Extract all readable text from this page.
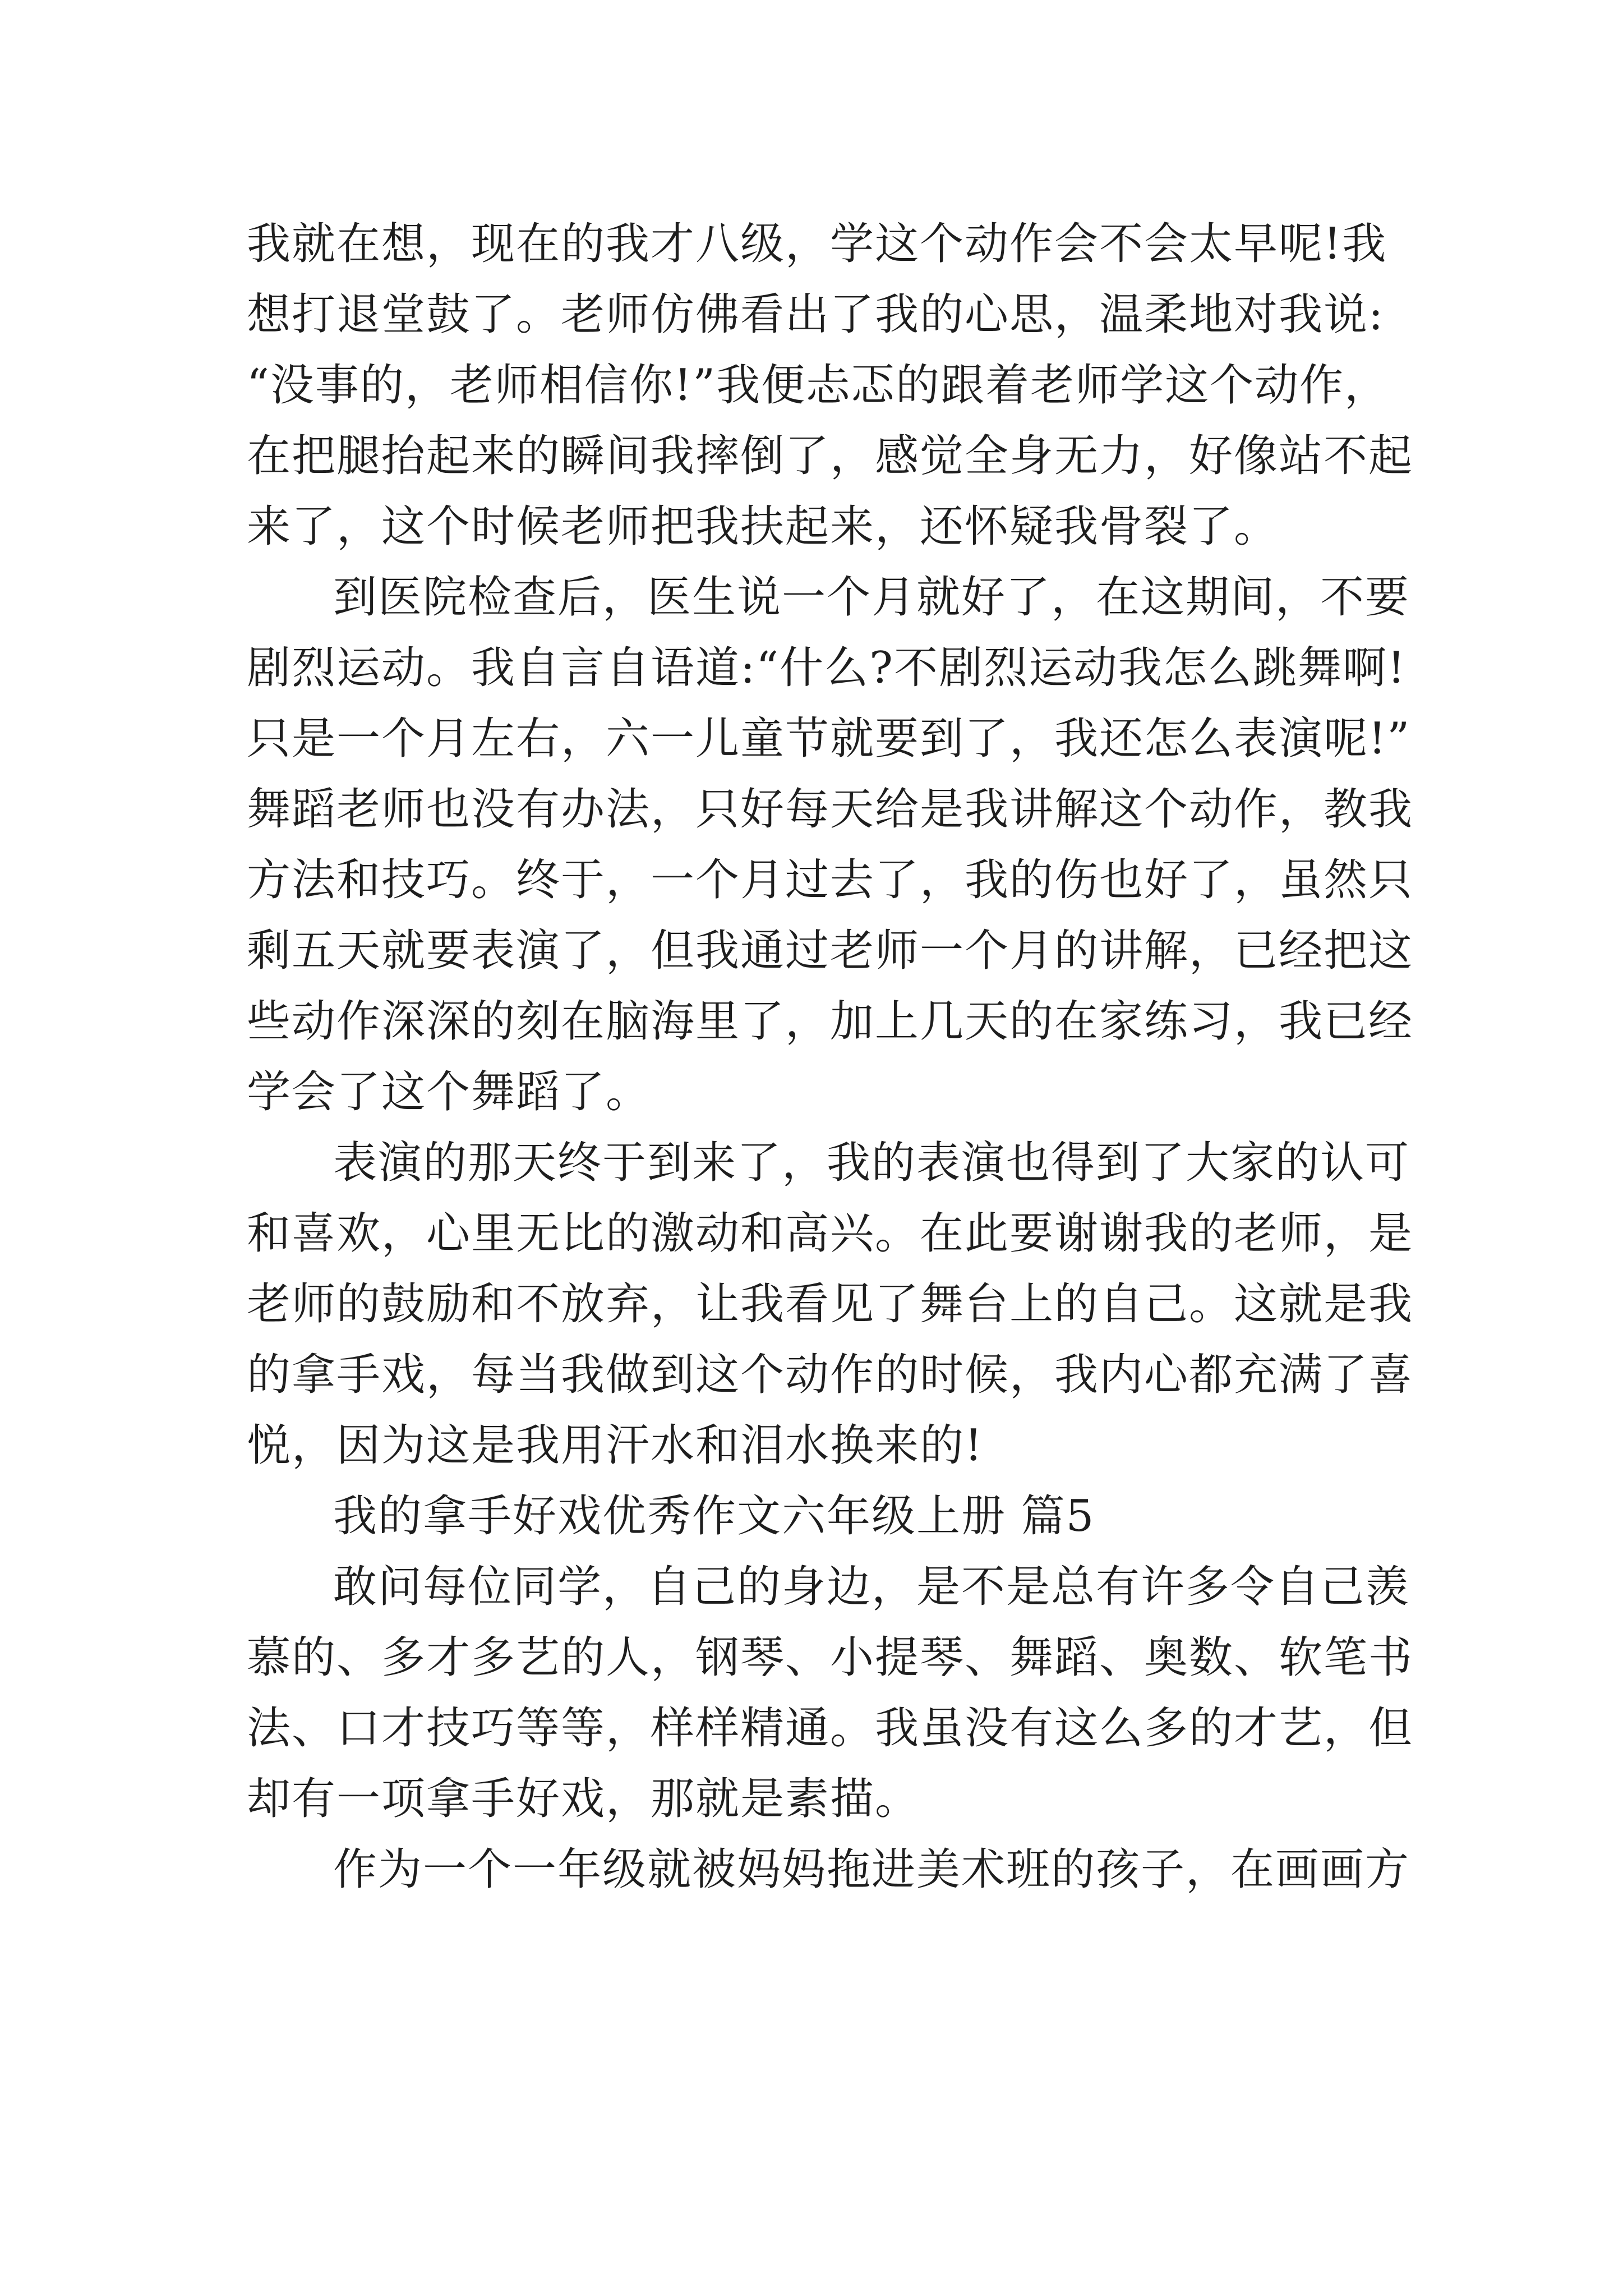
我就在想，现在的我才八级，学这个动作会不会太早呢!我
想打退堂鼓了。老师仿佛看出了我的心思，温柔地对我说:
“没事的，老师相信你!”我便忐忑的跟着老师学这个动作，
在把腿抬起来的瞬间我摔倒了，感觉全身无力，好像站不起
来了，这个时候老师把我扶起来，还怀疑我骨裂了。
到医院检查后，医生说一个月就好了，在这期间，不要
剧烈运动。我自言自语道:“什么?不剧烈运动我怎么跳舞啊!
只是一个月左右，六一儿童节就要到了，我还怎么表演呢!”
舞蹈老师也没有办法，只好每天给是我讲解这个动作，教我
方法和技巧。终于，一个月过去了，我的伤也好了，虽然只
剩五天就要表演了，但我通过老师一个月的讲解，已经把这
些动作深深的刻在脑海里了，加上几天的在家练习，我已经
学会了这个舞蹈了。
表演的那天终于到来了，我的表演也得到了大家的认可
和喜欢，心里无比的激动和高兴。在此要谢谢我的老师，是
老师的鼓励和不放弃，让我看见了舞台上的自己。这就是我
的拿手戏，每当我做到这个动作的时候，我内心都充满了喜
悦，因为这是我用汗水和泪水换来的!
我的拿手好戏优秀作文六年级上册 篇5
敢问每位同学，自己的身边，是不是总有许多令自己羡
慕的、多才多艺的人，钢琴、小提琴、舞蹈、奥数、软笔书
法、口才技巧等等，样样精通。我虽没有这么多的才艺，但
却有一项拿手好戏，那就是素描。
作为一个一年级就被妈妈拖进美术班的孩子，在画画方
